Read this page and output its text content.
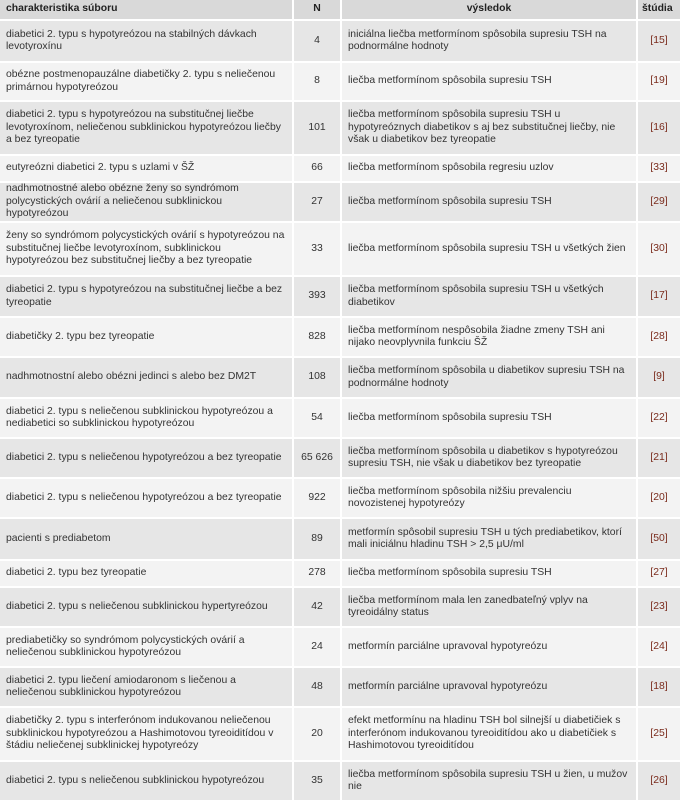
charakteristika súboru	N	výsledok	štúdia
diabetici 2. typu s hypotyreózou na stabilných dávkach levotyroxínu	4	iniciálna liečba metformínom spôsobila supresiu TSH na podnormálne hodnoty	[15]
obézne postmenopauzálne diabetičky 2. typu s neliečenou primárnou hypotyreózou	8	liečba metformínom spôsobila supresiu TSH	[19]
diabetici 2. typu s hypotyreózou na substitučnej liečbe levotyroxínom, neliečenou subklinickou hypotyreózou liečby a bez tyreopatie	101	liečba metformínom spôsobila supresiu TSH u hypotyreóznych diabetikov s aj bez substitučnej liečby, nie však u diabetikov bez tyreopatie	[16]
eutyreózni diabetici 2. typu s uzlami v ŠŽ	66	liečba metformínom spôsobila regresiu uzlov	[33]
nadhmotnostné alebo obézne ženy so syndrómom polycystických ovárií a neliečenou subklinickou hypotyreózou	27	liečba metformínom spôsobila supresiu TSH	[29]
ženy so syndrómom polycystických ovárií s hypotyreózou na substitučnej liečbe levotyroxínom, subklinickou hypotyreózou bez substitučnej liečby a bez tyreopatie	33	liečba metformínom spôsobila supresiu TSH u všetkých žien	[30]
diabetici 2. typu s hypotyreózou na substitučnej liečbe a bez tyreopatie	393	liečba metformínom spôsobila supresiu TSH u všetkých diabetikov	[17]
diabetičky 2. typu bez tyreopatie	828	liečba metformínom nespôsobila žiadne zmeny TSH ani nijako neovplyvnila funkciu ŠŽ	[28]
nadhmotnostní alebo obézni jedinci s alebo bez DM2T	108	liečba metformínom spôsobila u diabetikov supresiu TSH na podnormálne hodnoty	[9]
diabetici 2. typu s neliečenou subklinickou hypotyreózou a nediabetici so subklinickou hypotyreózou	54	liečba metformínom spôsobila supresiu TSH	[22]
diabetici 2. typu s neliečenou hypotyreózou a bez tyreopatie	65 626	liečba metformínom spôsobila u diabetikov s hypotyreózou supresiu TSH, nie však u diabetikov bez tyreopatie	[21]
diabetici 2. typu s neliečenou hypotyreózou a bez tyreopatie	922	liečba metformínom spôsobila nižšiu prevalenciu novozistenej hypotyreózy	[20]
pacienti s prediabetom	89	metformín spôsobil supresiu TSH u tých prediabetikov, ktorí mali iniciálnu hladinu TSH ˃ 2,5 μU/ml	[50]
diabetici 2. typu bez tyreopatie	278	liečba metformínom spôsobila supresiu TSH	[27]
diabetici 2. typu s neliečenou subklinickou hypertyreózou	42	liečba metformínom mala len zanedbateľný vplyv na tyreoidálny status	[23]
prediabetičky so syndrómom polycystických ovárií a neliečenou subklinickou hypotyreózou	24	metformín parciálne upravoval hypotyreózu	[24]
diabetici 2. typu liečení amiodaronom s liečenou a neliečenou subklinickou hypotyreózou	48	metformín parciálne upravoval hypotyreózu	[18]
diabetičky 2. typu s interferónom indukovanou neliečenou subklinickou hypotyreózou a Hashimotovou tyreoiditídou v štádiu neliečenej subklinickej hypotyreózy	20	efekt metformínu na hladinu TSH bol silnejší u diabetičiek s interferónom indukovanou tyreoiditídou ako u diabetičiek s Hashimotovou tyreoiditídou	[25]
diabetici 2. typu s neliečenou subklinickou hypotyreózou	35	liečba metformínom spôsobila supresiu TSH u žien, u mužov nie	[26]
